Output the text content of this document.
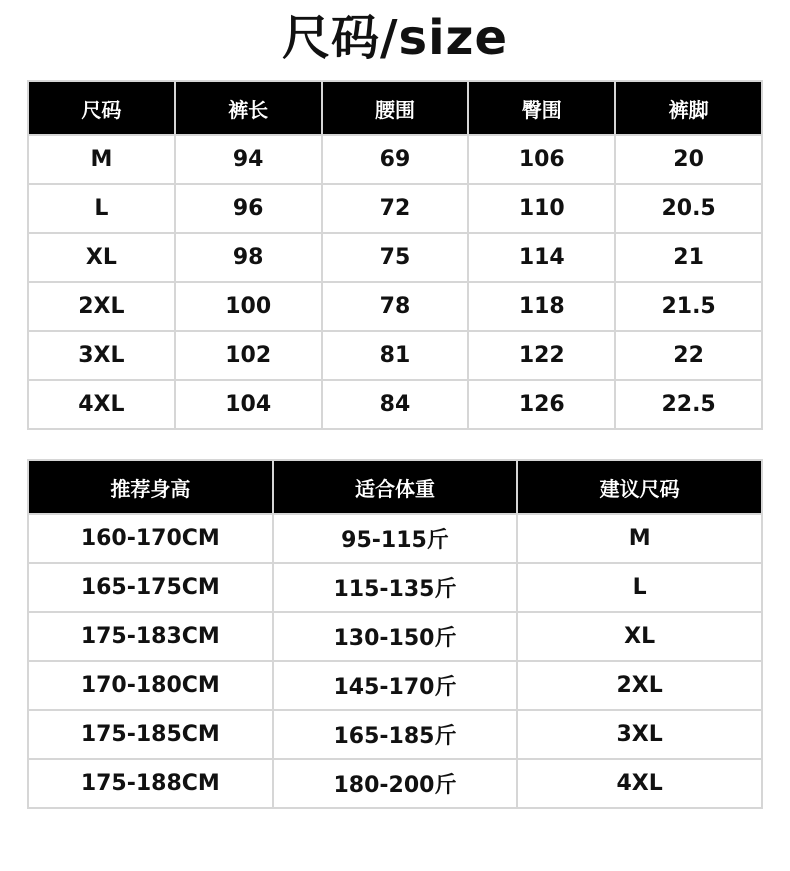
尺码/size
尺码	裤长	腰围	臀围	裤脚
M	94	69	106	20
L	96	72	110	20.5
XL	98	75	114	21
2XL	100	78	118	21.5
3XL	102	81	122	22
4XL	104	84	126	22.5
推荐身高	适合体重	建议尺码
160-170CM	95-115斤	M
165-175CM	115-135斤	L
175-183CM	130-150斤	XL
170-180CM	145-170斤	2XL
175-185CM	165-185斤	3XL
175-188CM	180-200斤	4XL
